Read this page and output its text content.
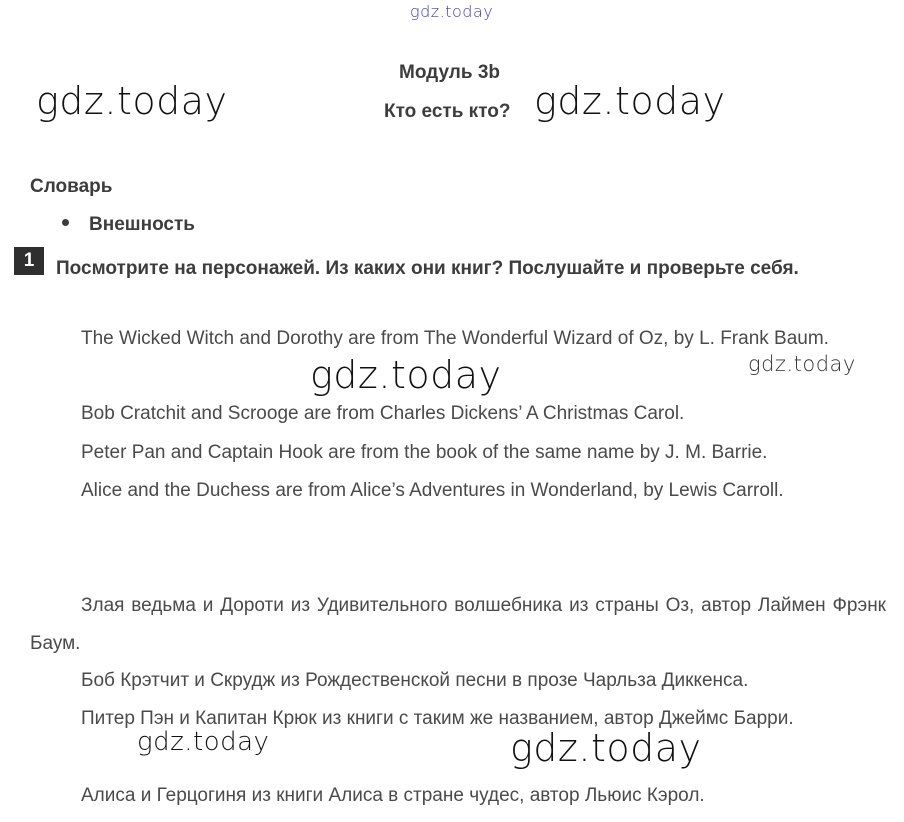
gdz.today
Модуль 3b
Кто есть кто?
Словарь
Внешность
1	Посмотрите на персонажей. Из каких они книг? Послушайте и проверьте себя.
The Wicked Witch and Dorothy are from The Wonderful Wizard of Oz, by L. Frank Baum.
Bob Cratchit and Scrooge are from Charles Dickens’ A Christmas Carol.
Peter Pan and Captain Hook are from the book of the same name by J. M. Barrie.
Alice and the Duchess are from Alice’s Adventures in Wonderland, by Lewis Carroll.
Злая ведьма и Дороти из Удивительного волшебника из страны Оз, автор Лаймен Фрэнк Баум.
Боб Крэтчит и Скрудж из Рождественской песни в прозе Чарльза Диккенса.
Питер Пэн и Капитан Крюк из книги с таким же названием, автор Джеймс Барри.
Алиса и Герцогиня из книги Алиса в стране чудес, автор Льюис Кэрол.
gdz.today	gdz.today
gdz.today	gdz.today
gdz.today	gdz.today
